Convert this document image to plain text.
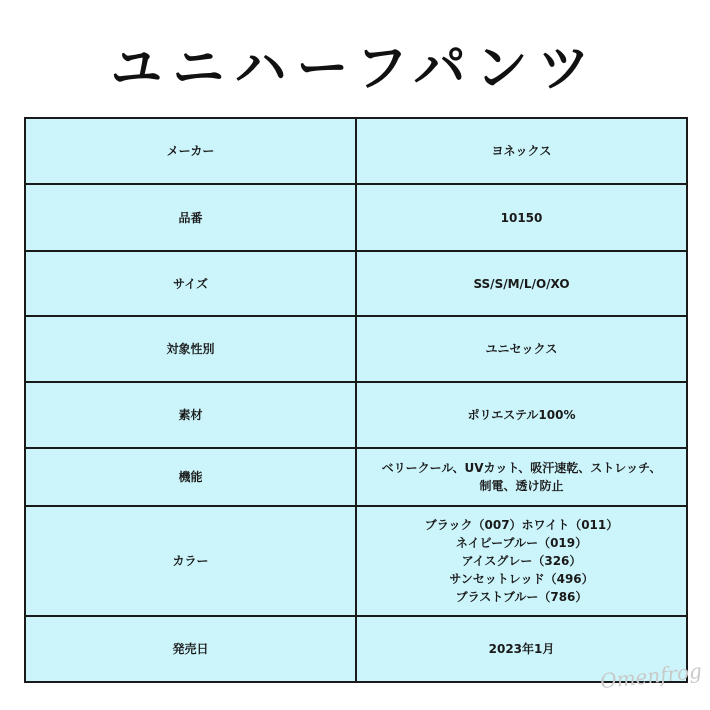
ユニハーフパンツ
メーカー	ヨネックス

品番	10150

サイズ	SS/S/M/L/O/XO

対象性別	ユニセックス

素材	ポリエステル100%

機能	ベリークール、UVカット、吸汗速乾、ストレッチ、
制電、透け防止

カラー	ブラック（007）ホワイト（011）
ネイビーブルー（019）
アイスグレー（326）
サンセットレッド（496）
ブラストブルー（786）

発売日	2023年1月
Omenfrog
